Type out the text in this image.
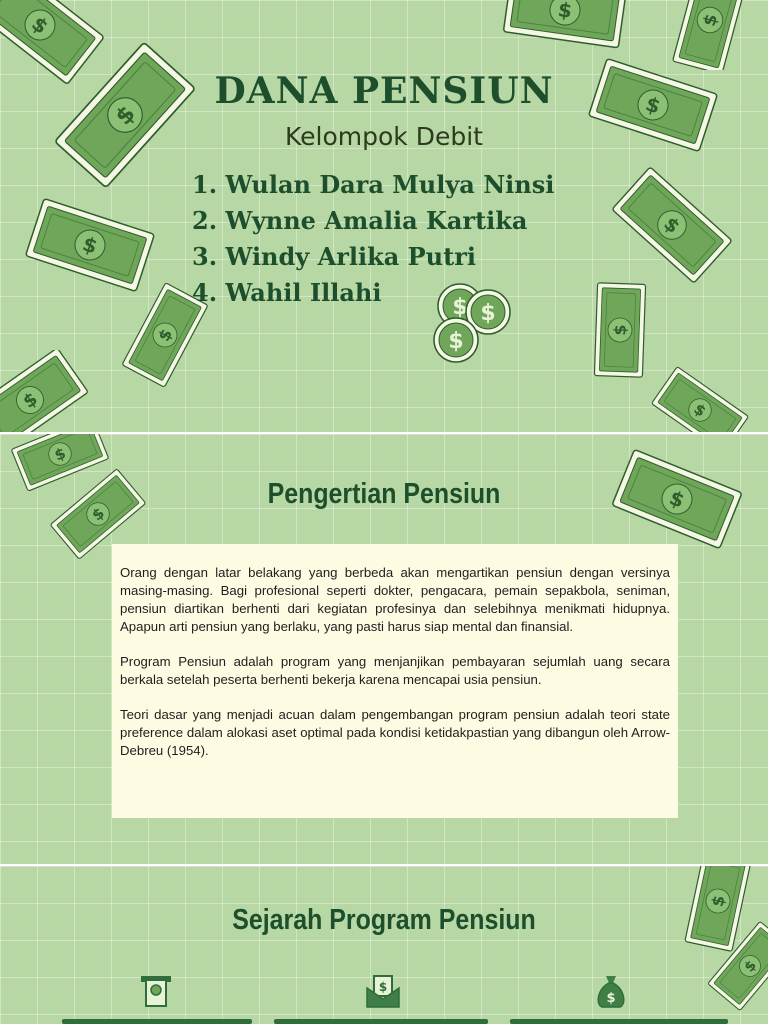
DANA PENSIUN
Kelompok Debit
1. Wulan Dara Mulya Ninsi
2. Wynne Amalia Kartika
3. Windy Arlika Putri
4. Wahil Illahi
Pengertian Pensiun

Orang dengan latar belakang yang berbeda akan mengartikan pensiun dengan versinya masing-masing. Bagi profesional seperti dokter, pengacara, pemain sepakbola, seniman, pensiun diartikan berhenti dari kegiatan profesinya dan selebihnya menikmati hidupnya. Apapun arti pensiun yang berlaku, yang pasti harus siap mental dan finansial.

Program Pensiun adalah program yang menjanjikan pembayaran sejumlah uang secara berkala setelah peserta berhenti bekerja karena mencapai usia pensiun.

Teori dasar yang menjadi acuan dalam pengembangan program pensiun adalah teori state preference dalam alokasi aset optimal pada kondisi ketidakpastian yang dibangun oleh Arrow-Debreu (1954).

Sejarah Program Pensiun
$
$
